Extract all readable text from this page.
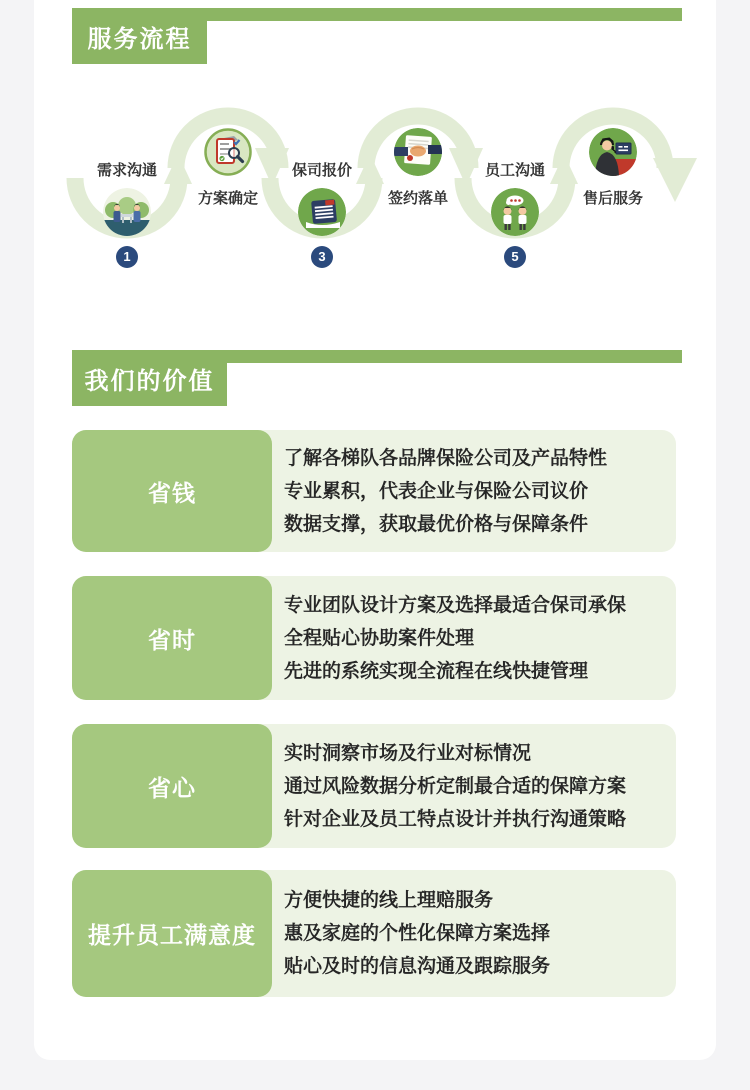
服务流程
需求沟通
1
方案确定
保司报价
3
签约落单
员工沟通
5
售后服务
我们的价值
省钱
了解各梯队各品牌保险公司及产品特性
专业累积，代表企业与保险公司议价
数据支撑，获取最优价格与保障条件
省时
专业团队设计方案及选择最适合保司承保
全程贴心协助案件处理
先进的系统实现全流程在线快捷管理
省心
实时洞察市场及行业对标情况
通过风险数据分析定制最合适的保障方案
针对企业及员工特点设计并执行沟通策略
提升员工满意度
方便快捷的线上理赔服务
惠及家庭的个性化保障方案选择
贴心及时的信息沟通及跟踪服务
